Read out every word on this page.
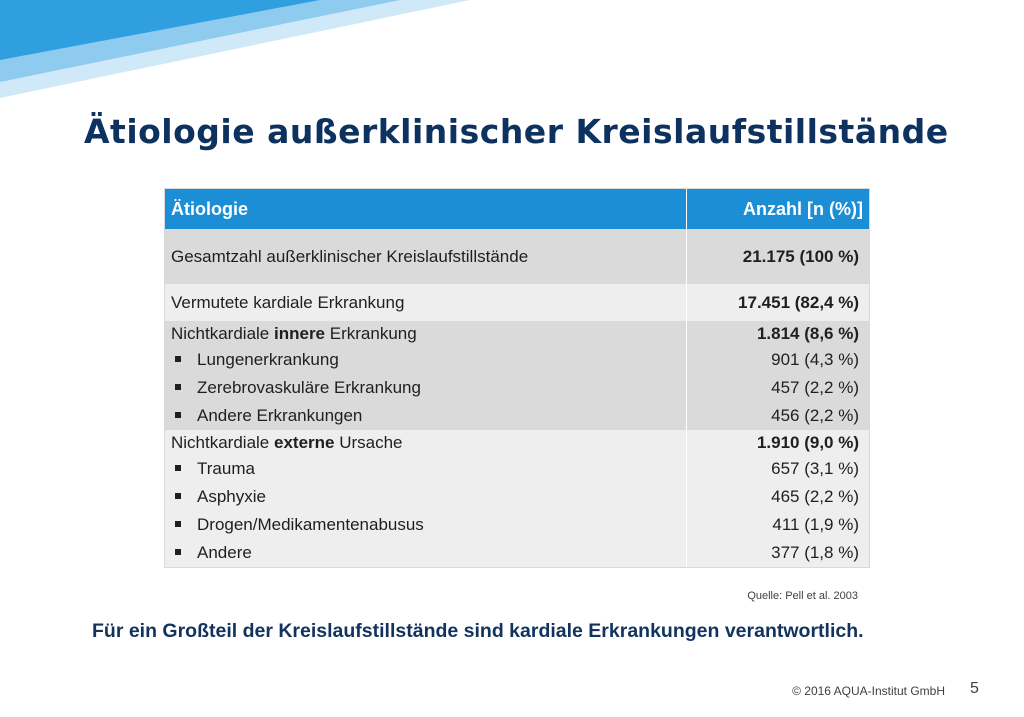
Ätiologie außerklinischer Kreislaufstillstände
Ätiologie	Anzahl [n (%)]
Gesamtzahl außerklinischer Kreislaufstillstände	21.175 (100 %)
Vermutete kardiale Erkrankung	17.451 (82,4 %)
Nichtkardiale innere Erkrankung	1.814 (8,6 %)
Lungenerkrankung	901 (4,3 %)
Zerebrovaskuläre Erkrankung	457 (2,2 %)
Andere Erkrankungen	456 (2,2 %)
Nichtkardiale externe Ursache	1.910 (9,0 %)
Trauma	657 (3,1 %)
Asphyxie	465 (2,2 %)
Drogen/Medikamentenabusus	411 (1,9 %)
Andere	377 (1,8 %)
Quelle: Pell et al. 2003
Für ein Großteil der Kreislaufstillstände sind kardiale Erkrankungen verantwortlich.
© 2016 AQUA-Institut GmbH 5
